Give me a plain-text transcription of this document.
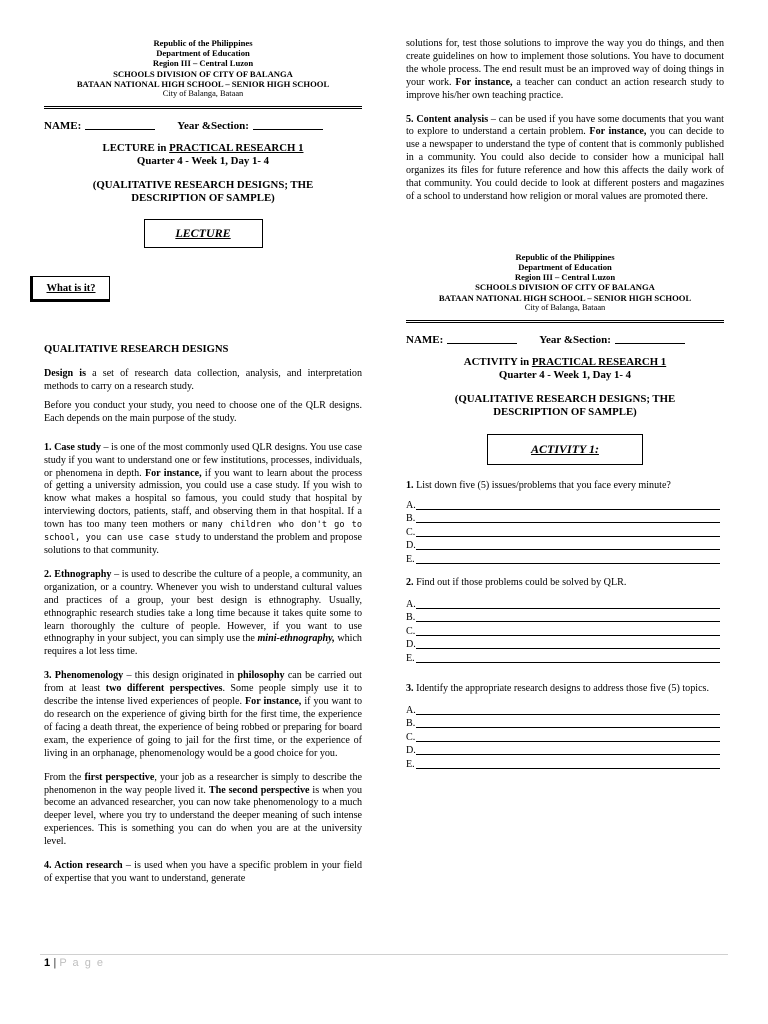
Republic of the Philippines
Department of Education
Region III – Central Luzon
SCHOOLS DIVISION OF CITY OF BALANGA
BATAAN NATIONAL HIGH SCHOOL – SENIOR HIGH SCHOOL
City of Balanga, Bataan
NAME:	Year &Section:
LECTURE in PRACTICAL RESEARCH 1
Quarter 4 - Week 1, Day 1- 4
(QUALITATIVE RESEARCH DESIGNS; THE DESCRIPTION OF SAMPLE)
LECTURE

QUALITATIVE RESEARCH DESIGNS

Design is a set of research data collection, analysis, and interpretation methods to carry on a research study.

Before you conduct your study, you need to choose one of the QLR designs. Each depends on the main purpose of the study.

1. Case study – is one of the most commonly used QLR designs. You use case study if you want to understand one or few institutions, processes, individuals, or phenomena in depth. For instance, if you want to learn about the process of getting a university admission, you could use a case study. If you wish to know what makes a hospital so famous, you could study that hospital by interviewing doctors, patients, staff, and observing them in that hospital. If a town has too many teen mothers or many children who don't go to school, you can use case study to understand the problem and propose solutions to that community.

2. Ethnography – is used to describe the culture of a people, a community, an organization, or a country. Whenever you wish to understand cultural values and practices of a group, your best design is ethnography. Usually, ethnographic research studies take a long time because it takes quite some to learn thoroughly the culture of people. However, if you want to use ethnography in your subject, you can simply use the mini-ethnography, which requires a lot less time.

3. Phenomenology – this design originated in philosophy can be carried out from at least two different perspectives. Some people simply use it to describe the intense lived experiences of people. For instance, if you want to do research on the experience of giving birth for the first time, the experience of facing a death threat, the experience of being robbed or preparing for board exam, the experience of going to jail for the first time, or the experience of living in an orphanage, phenomenology would be a good choice for you.

From the first perspective, your job as a researcher is simply to describe the phenomenon in the way people lived it. The second perspective is when you become an advanced researcher, you can now take phenomenology to a much deeper level, where you try to understand the deeper meaning of such intense experiences. This is something you can do when you are at the university level.

4. Action research – is used when you have a specific problem in your field of expertise that you want to understand, generate

What is it?

solutions for, test those solutions to improve the way you do things, and then create guidelines on how to implement those solutions. You have to document the whole process. The end result must be an improved way of doing things in your work. For instance, a teacher can conduct an action research study to improve his/her own teaching practice.

5. Content analysis – can be used if you have some documents that you want to explore to understand a certain problem. For instance, you can decide to use a newspaper to understand the type of content that is commonly published in a community. You could also decide to consider how a municipal hall organizes its files for future reference and how this affects the daily work of that community. You could decide to look at different posters and magazines of a school to understand how religion or moral values are promoted there.

Republic of the Philippines
Department of Education
Region III – Central Luzon
SCHOOLS DIVISION OF CITY OF BALANGA
BATAAN NATIONAL HIGH SCHOOL – SENIOR HIGH SCHOOL
City of Balanga, Bataan
NAME:	Year &Section:
ACTIVITY in PRACTICAL RESEARCH 1
Quarter 4 - Week 1, Day 1- 4
(QUALITATIVE RESEARCH DESIGNS; THE DESCRIPTION OF SAMPLE)
ACTIVITY 1:

1. List down five (5) issues/problems that you face every minute?

A.
B.
C.
D.
E.

2. Find out if those problems could be solved by QLR.

A.
B.
C.
D.
E.

3. Identify the appropriate research designs to address those five (5) topics.

A.
B.
C.
D.
E.
1 | P a g e
